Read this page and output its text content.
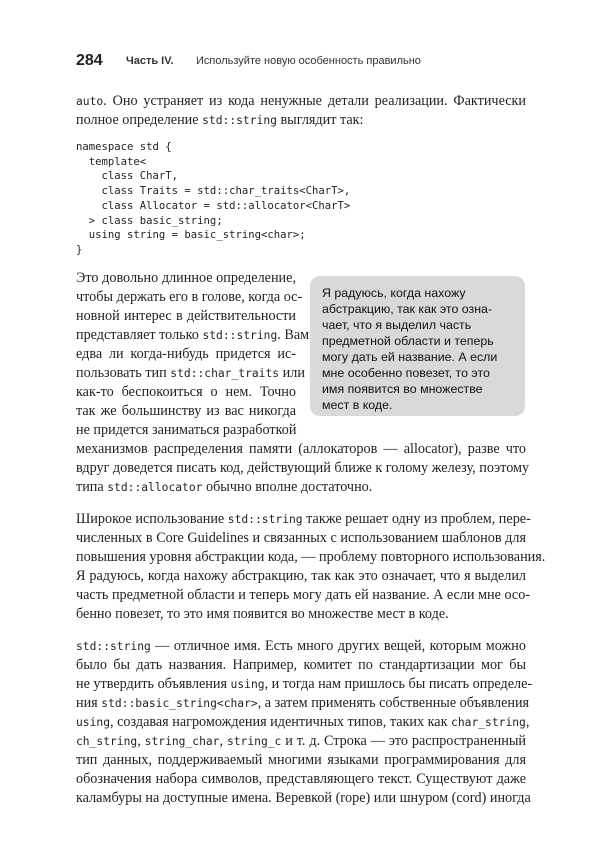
284 Часть IV. Используйте новую особенность правильно
auto. Оно устраняет из кода ненужные детали реализации. Фактически
полное определение std::string выглядит так:
namespace std {
template<
class CharT,
class Traits = std::char_traits<CharT>,
class Allocator = std::allocator<CharT>
> class basic_string;
using string = basic_string<char>;
}
Я радуюсь, когда нахожу
абстракцию, так как это озна-
чает, что я выделил часть
предметной области и теперь
могу дать ей название. А если
мне особенно повезет, то это
имя появится во множестве
мест в коде.
Это довольно длинное определение,
чтобы держать его в голове, когда ос-
новной интерес в действительности
представляет только std::string. Вам
едва ли когда-нибудь придется ис-
пользовать тип std::char_traits или
как-то беспокоиться о нем. Точно
так же большинству из вас никогда
не придется заниматься разработкой
механизмов распределения памяти (аллокаторов — allocator), разве что
вдруг доведется писать код, действующий ближе к голому железу, поэтому
типа std::allocator обычно вполне достаточно.
Широкое использование std::string также решает одну из проблем, пере-
численных в Core Guidelines и связанных с использованием шаблонов для
повышения уровня абстракции кода, — проблему повторного использования.
Я радуюсь, когда нахожу абстракцию, так как это означает, что я выделил
часть предметной области и теперь могу дать ей название. А если мне осо-
бенно повезет, то это имя появится во множестве мест в коде.
std::string — отличное имя. Есть много других вещей, которым можно
было бы дать названия. Например, комитет по стандартизации мог бы
не утвердить объявления using, и тогда нам пришлось бы писать определе-
ния std::basic_string<char>, а затем применять собственные объявления
using, создавая нагромождения идентичных типов, таких как char_string,
ch_string, string_char, string_c и т. д. Строка — это распространенный
тип данных, поддерживаемый многими языками программирования для
обозначения набора символов, представляющего текст. Существуют даже
каламбуры на доступные имена. Веревкой (rope) или шнуром (cord) иногда
